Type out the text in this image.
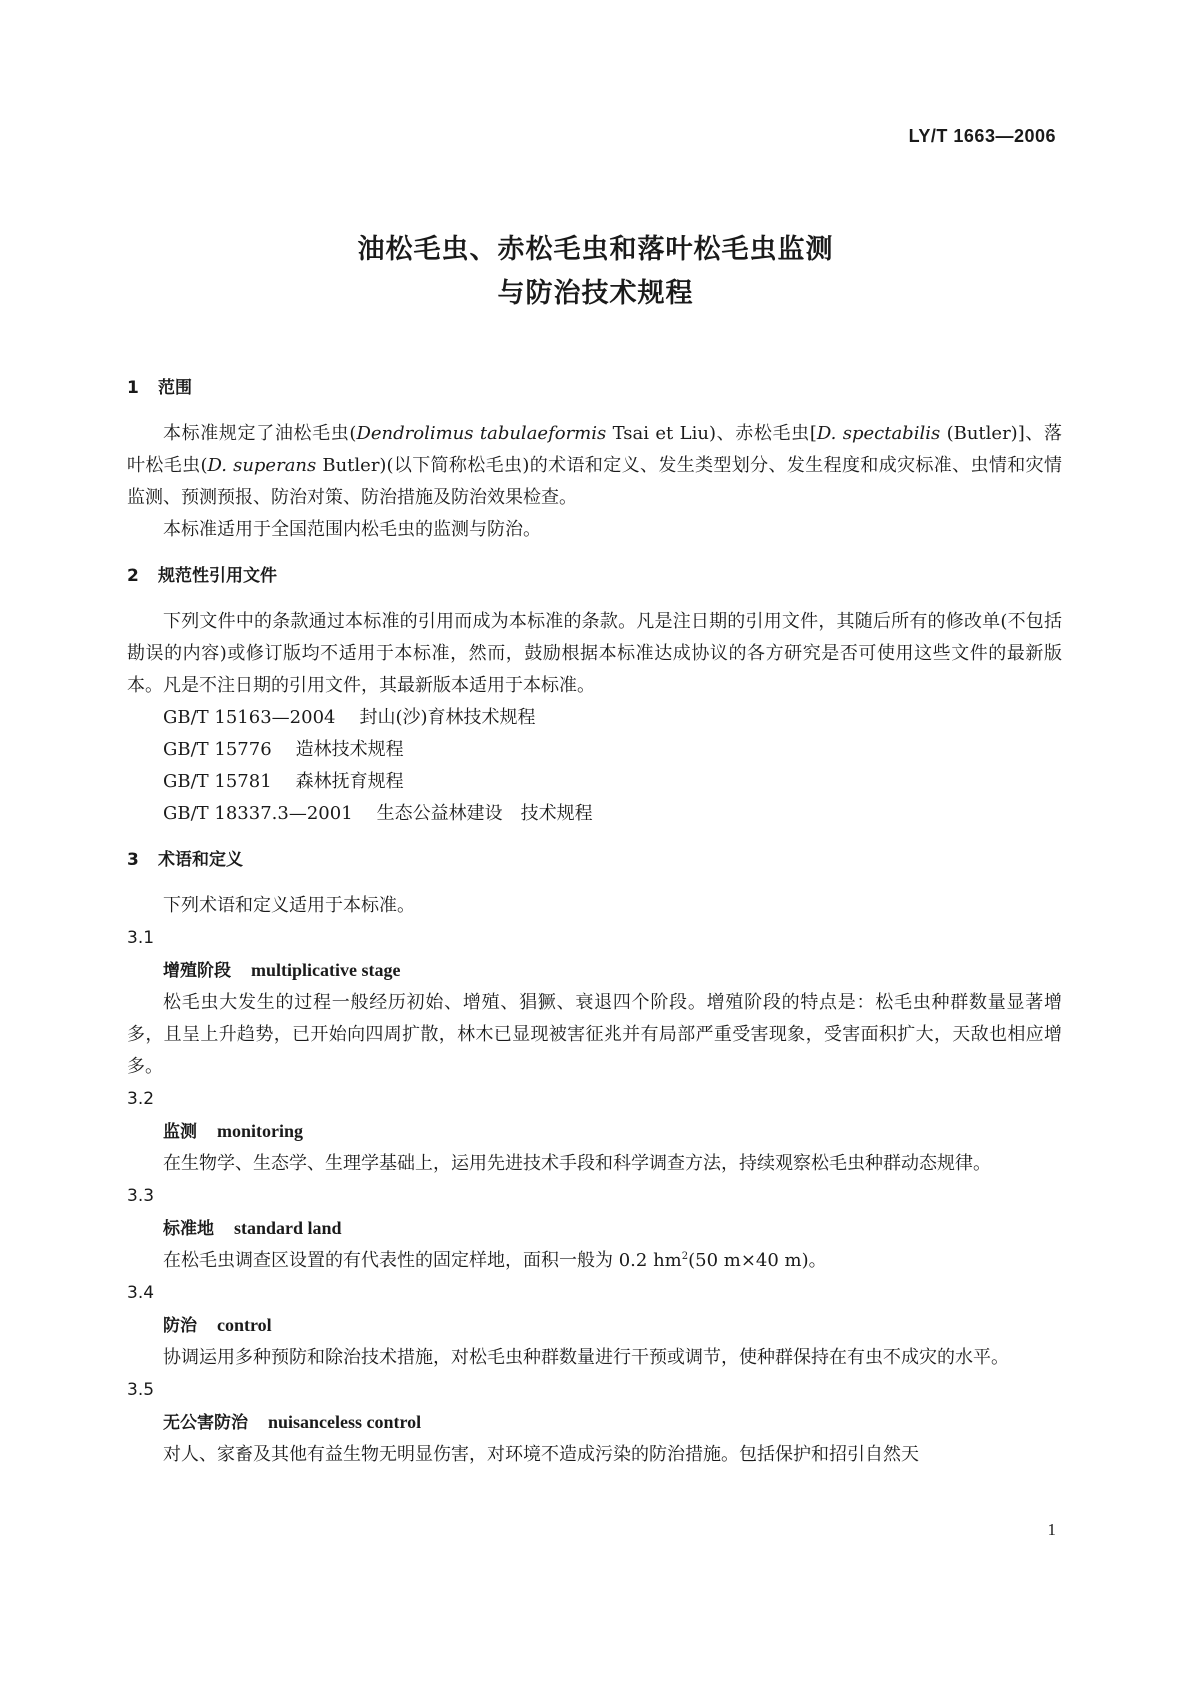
LY/T 1663—2006
油松毛虫、赤松毛虫和落叶松毛虫监测
与防治技术规程
1 范围

本标准规定了油松毛虫(Dendrolimus tabulaeformis Tsai et Liu)、赤松毛虫[D. spectabilis (Butler)]、落叶松毛虫(D. superans Butler)(以下简称松毛虫)的术语和定义、发生类型划分、发生程度和成灾标准、虫情和灾情监测、预测预报、防治对策、防治措施及防治效果检查。

本标准适用于全国范围内松毛虫的监测与防治。

2 规范性引用文件

下列文件中的条款通过本标准的引用而成为本标准的条款。凡是注日期的引用文件，其随后所有的修改单(不包括勘误的内容)或修订版均不适用于本标准，然而，鼓励根据本标准达成协议的各方研究是否可使用这些文件的最新版本。凡是不注日期的引用文件，其最新版本适用于本标准。

GB/T 15163—2004 封山(沙)育林技术规程

GB/T 15776 造林技术规程

GB/T 15781 森林抚育规程

GB/T 18337.3—2001 生态公益林建设　技术规程

3 术语和定义

下列术语和定义适用于本标准。

3.1

增殖阶段 multiplicative stage

松毛虫大发生的过程一般经历初始、增殖、猖獗、衰退四个阶段。增殖阶段的特点是：松毛虫种群数量显著增多，且呈上升趋势，已开始向四周扩散，林木已显现被害征兆并有局部严重受害现象，受害面积扩大，天敌也相应增多。

3.2

监测 monitoring

在生物学、生态学、生理学基础上，运用先进技术手段和科学调查方法，持续观察松毛虫种群动态规律。

3.3

标准地 standard land

在松毛虫调查区设置的有代表性的固定样地，面积一般为 0.2 $hm^2(50$ m×40 m)。

3.4

防治 control

协调运用多种预防和除治技术措施，对松毛虫种群数量进行干预或调节，使种群保持在有虫不成灾的水平。

3.5

无公害防治 nuisanceless control

对人、家畜及其他有益生物无明显伤害，对环境不造成污染的防治措施。包括保护和招引自然天

1
